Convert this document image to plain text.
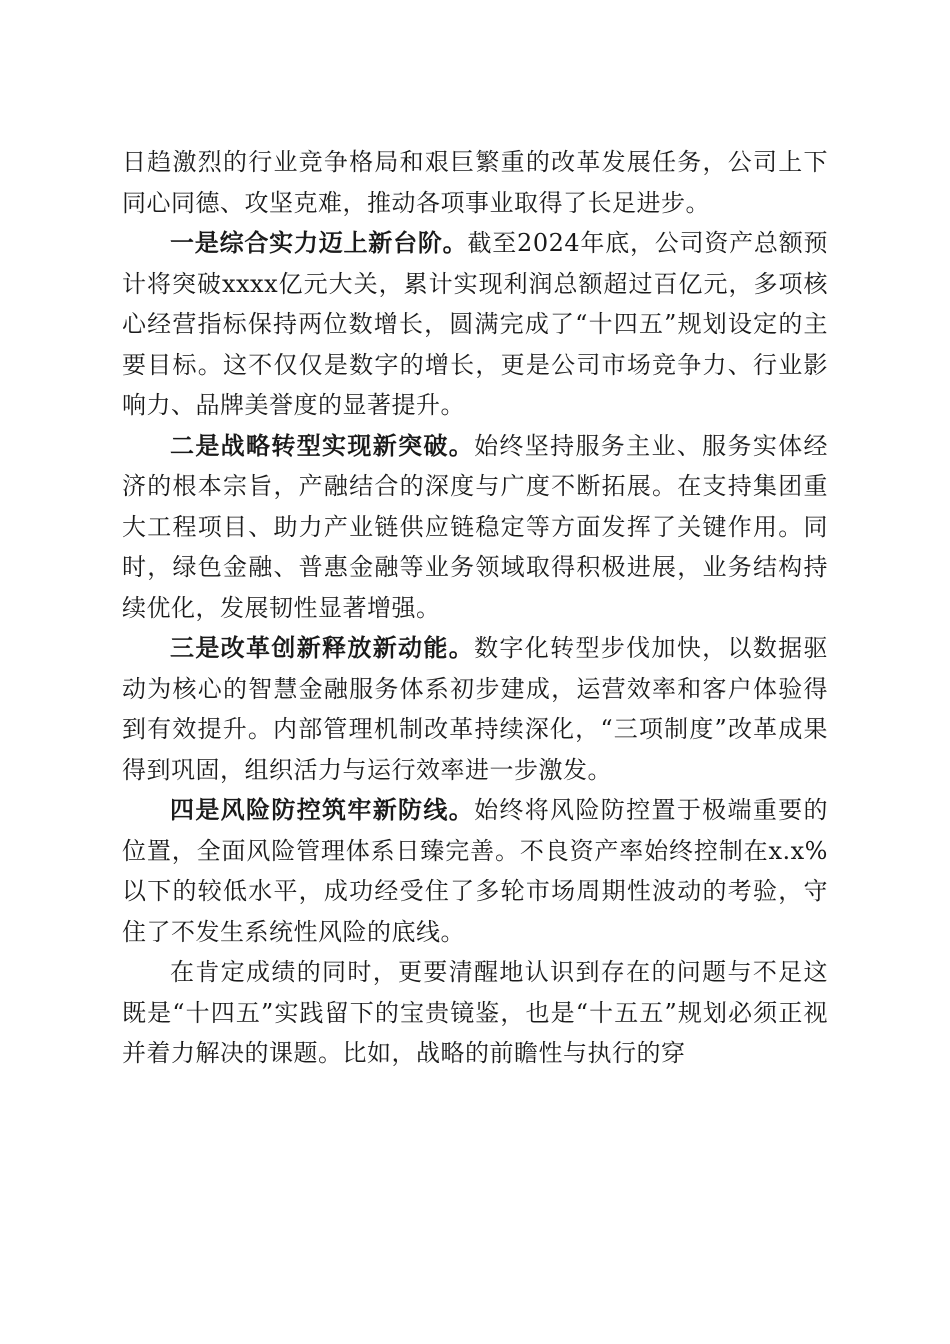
日趋激烈的行业竞争格局和艰巨繁重的改革发展任务，公司上下同心同德、攻坚克难，推动各项事业取得了长足进步。

一是综合实力迈上新台阶。截至2024年底，公司资产总额预计将突破xxxx亿元大关，累计实现利润总额超过百亿元，多项核心经营指标保持两位数增长，圆满完成了“十四五”规划设定的主要目标。这不仅仅是数字的增长，更是公司市场竞争力、行业影响力、品牌美誉度的显著提升。

二是战略转型实现新突破。始终坚持服务主业、服务实体经济的根本宗旨，产融结合的深度与广度不断拓展。在支持集团重大工程项目、助力产业链供应链稳定等方面发挥了关键作用。同时，绿色金融、普惠金融等业务领域取得积极进展，业务结构持续优化，发展韧性显著增强。

三是改革创新释放新动能。数字化转型步伐加快，以数据驱动为核心的智慧金融服务体系初步建成，运营效率和客户体验得到有效提升。内部管理机制改革持续深化，“三项制度”改革成果得到巩固，组织活力与运行效率进一步激发。

四是风险防控筑牢新防线。始终将风险防控置于极端重要的位置，全面风险管理体系日臻完善。不良资产率始终控制在x.x%以下的较低水平，成功经受住了多轮市场周期性波动的考验，守住了不发生系统性风险的底线。

在肯定成绩的同时，更要清醒地认识到存在的问题与不足这既是“十四五”实践留下的宝贵镜鉴，也是“十五五”规划必须正视并着力解决的课题。比如，战略的前瞻性与执行的穿
